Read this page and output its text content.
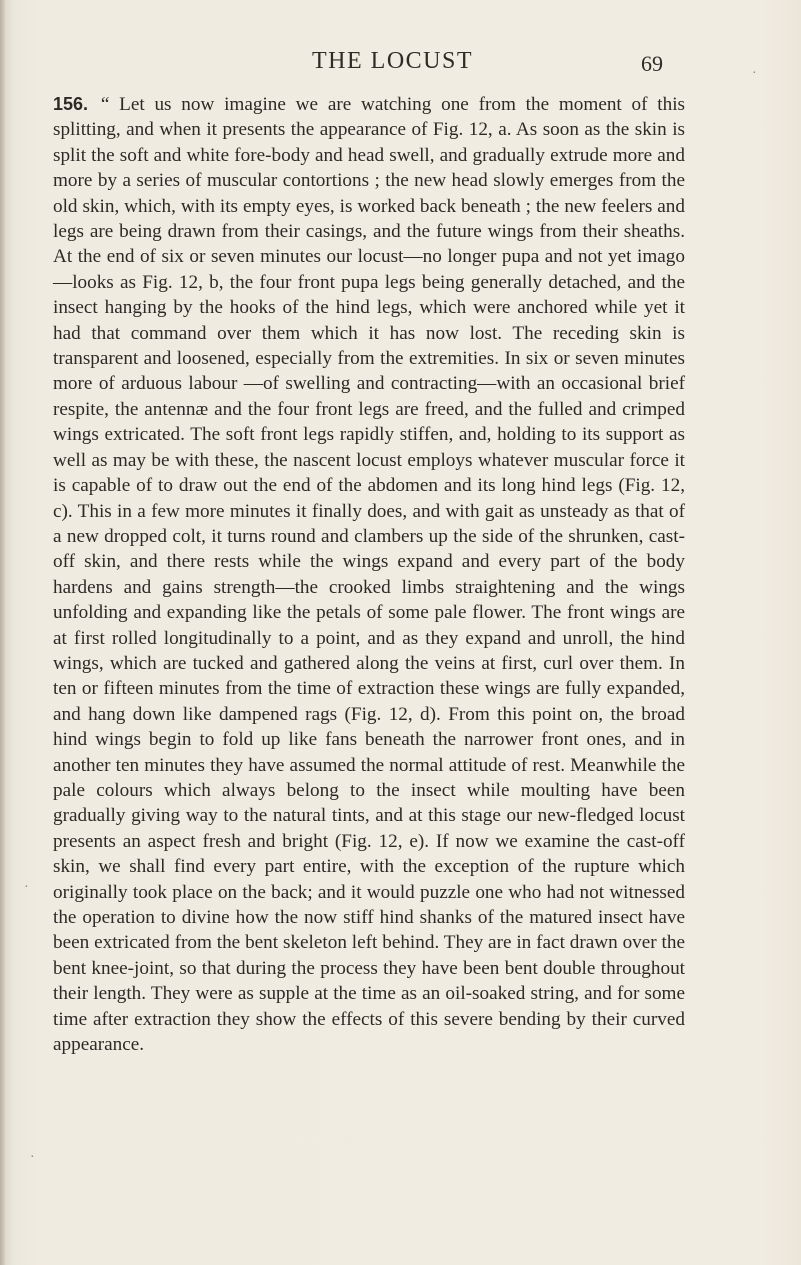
THE LOCUST	69
156. “ Let us now imagine we are watching one from the moment of this splitting, and when it presents the appearance of Fig. 12, a. As soon as the skin is split the soft and white fore-body and head swell, and gradually extrude more and more by a series of muscular contortions ; the new head slowly emerges from the old skin, which, with its empty eyes, is worked back beneath ; the new feelers and legs are being drawn from their casings, and the future wings from their sheaths. At the end of six or seven minutes our locust—no longer pupa and not yet imago—looks as Fig. 12, b, the four front pupa legs being generally detached, and the insect hanging by the hooks of the hind legs, which were anchored while yet it had that command over them which it has now lost. The receding skin is transparent and loosened, especially from the extremities. In six or seven minutes more of arduous labour —of swelling and contracting—with an occasional brief respite, the antennæ and the four front legs are freed, and the fulled and crimped wings extricated. The soft front legs rapidly stiffen, and, holding to its support as well as may be with these, the nascent locust employs whatever muscular force it is capable of to draw out the end of the abdomen and its long hind legs (Fig. 12, c). This in a few more minutes it finally does, and with gait as unsteady as that of a new dropped colt, it turns round and clambers up the side of the shrunken, cast-off skin, and there rests while the wings expand and every part of the body hardens and gains strength—the crooked limbs straightening and the wings unfolding and expanding like the petals of some pale flower. The front wings are at first rolled longitudinally to a point, and as they expand and unroll, the hind wings, which are tucked and gathered along the veins at first, curl over them. In ten or fifteen minutes from the time of extraction these wings are fully expanded, and hang down like dampened rags (Fig. 12, d). From this point on, the broad hind wings begin to fold up like fans beneath the narrower front ones, and in another ten minutes they have assumed the normal attitude of rest. Meanwhile the pale colours which always belong to the insect while moulting have been gradually giving way to the natural tints, and at this stage our new-fledged locust presents an aspect fresh and bright (Fig. 12, e). If now we examine the cast-off skin, we shall find every part entire, with the exception of the rupture which originally took place on the back; and it would puzzle one who had not witnessed the operation to divine how the now stiff hind shanks of the matured insect have been extricated from the bent skeleton left behind. They are in fact drawn over the bent knee-joint, so that during the process they have been bent double throughout their length. They were as supple at the time as an oil-soaked string, and for some time after extraction they show the effects of this severe bending by their curved appearance.
·
·
·
